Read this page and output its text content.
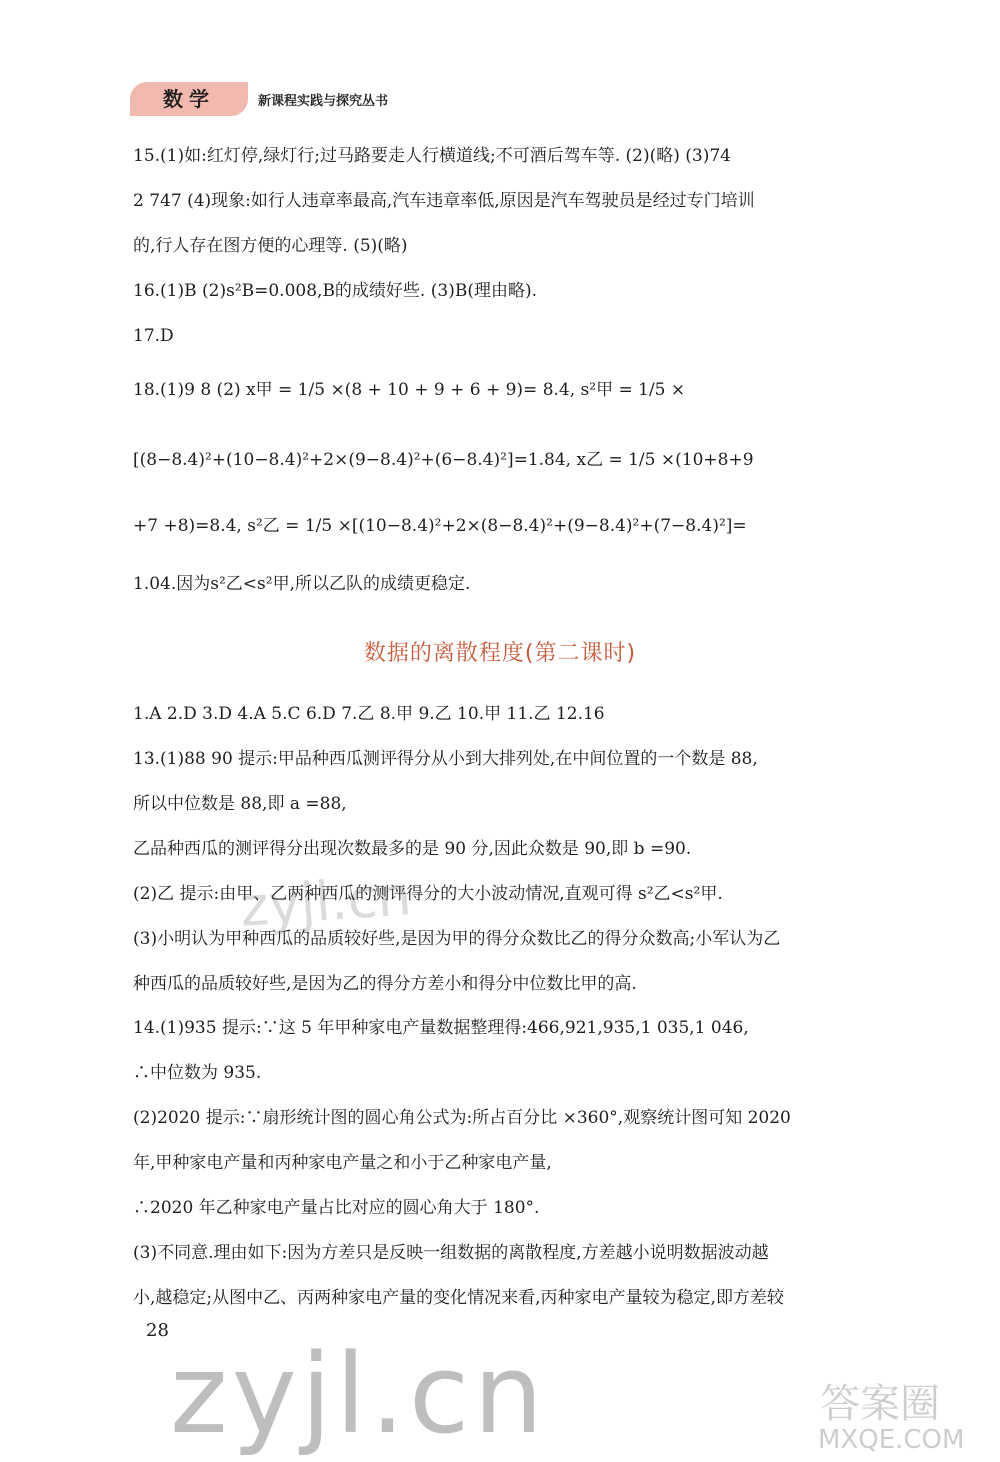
数学	新课程实践与探究丛书
15.(1)如:红灯停,绿灯行;过马路要走人行横道线;不可酒后驾车等. (2)(略) (3)74
2 747 (4)现象:如行人违章率最高,汽车违章率低,原因是汽车驾驶员是经过专门培训
的,行人存在图方便的心理等. (5)(略)
16.(1)B (2)s²B=0.008,B的成绩好些. (3)B(理由略).
17.D
18.(1)9 8 (2) x甲 = 1/5 ×(8 + 10 + 9 + 6 + 9)= 8.4, s²甲 = 1/5 ×
[(8−8.4)²+(10−8.4)²+2×(9−8.4)²+(6−8.4)²]=1.84, x乙 = 1/5 ×(10+8+9
+7 +8)=8.4, s²乙 = 1/5 ×[(10−8.4)²+2×(8−8.4)²+(9−8.4)²+(7−8.4)²]=
1.04.因为s²乙<s²甲,所以乙队的成绩更稳定.
数据的离散程度(第二课时)
1.A 2.D 3.D 4.A 5.C 6.D 7.乙 8.甲 9.乙 10.甲 11.乙 12.16
13.(1)88 90 提示:甲品种西瓜测评得分从小到大排列处,在中间位置的一个数是 88,
所以中位数是 88,即 a =88,
乙品种西瓜的测评得分出现次数最多的是 90 分,因此众数是 90,即 b =90.
(2)乙 提示:由甲、乙两种西瓜的测评得分的大小波动情况,直观可得 s²乙<s²甲.
(3)小明认为甲种西瓜的品质较好些,是因为甲的得分众数比乙的得分众数高;小军认为乙
种西瓜的品质较好些,是因为乙的得分方差小和得分中位数比甲的高.
14.(1)935 提示:∵这 5 年甲种家电产量数据整理得:466,921,935,1 035,1 046,
∴中位数为 935.
(2)2020 提示:∵扇形统计图的圆心角公式为:所占百分比 ×360°,观察统计图可知 2020
年,甲种家电产量和丙种家电产量之和小于乙种家电产量,
∴2020 年乙种家电产量占比对应的圆心角大于 180°.
(3)不同意.理由如下:因为方差只是反映一组数据的离散程度,方差越小说明数据波动越
小,越稳定;从图中乙、丙两种家电产量的变化情况来看,丙种家电产量较为稳定,即方差较
28
zyjl.cn
zyjl.cn	答案圈
MXQE.COM
